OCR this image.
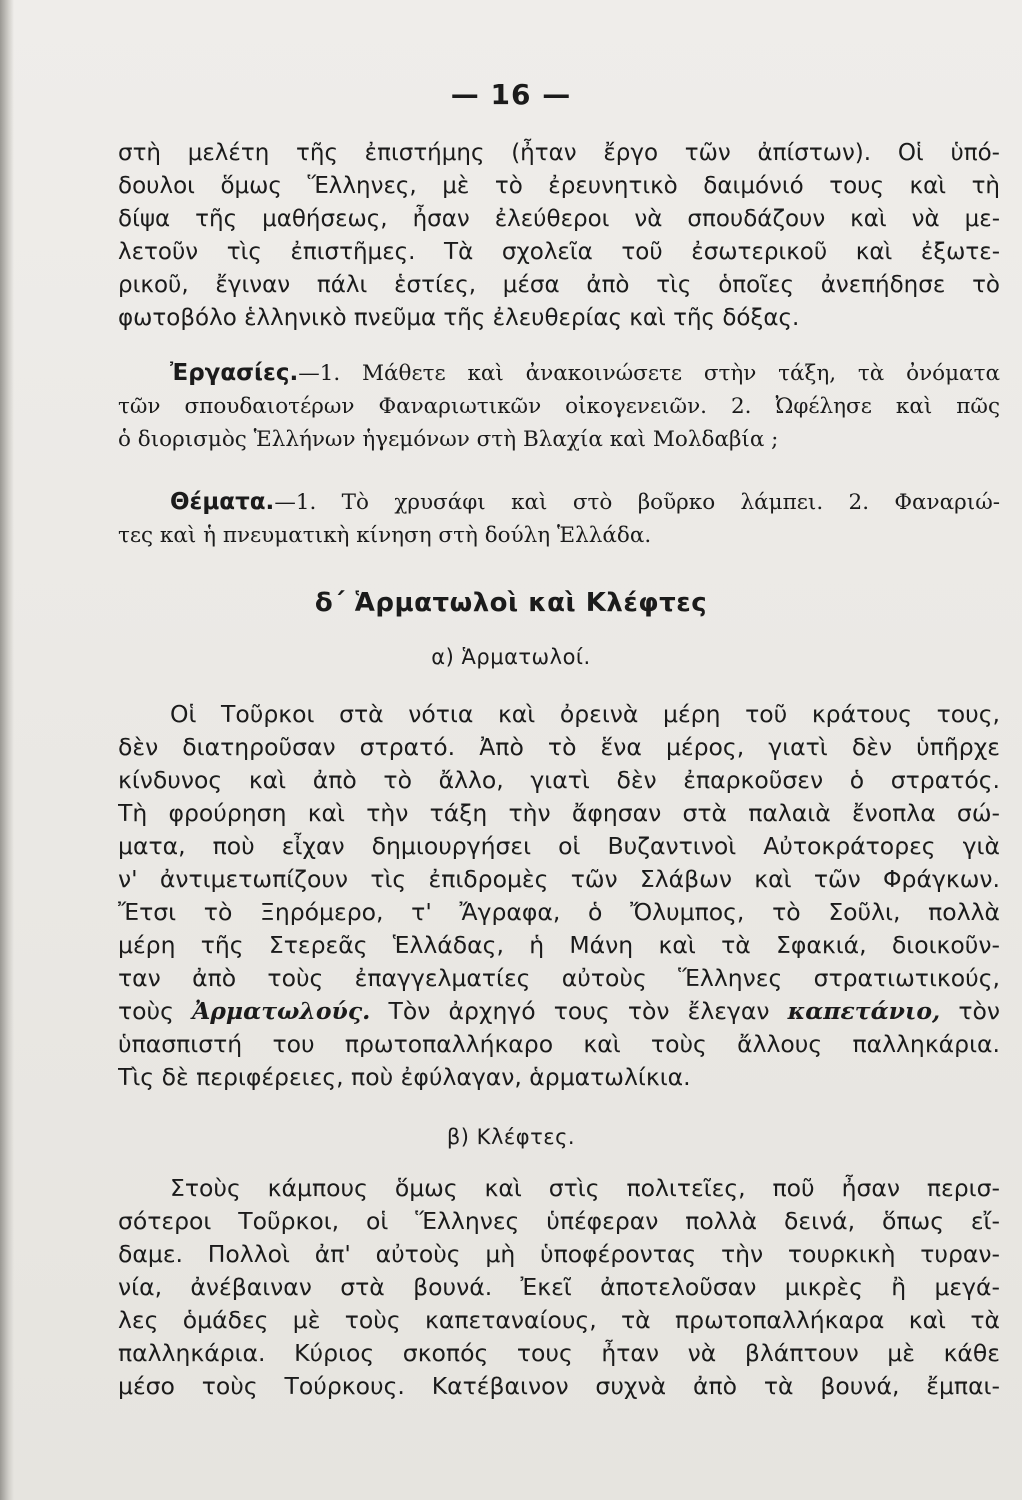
— 16 —
στὴ μελέτη τῆς ἐπιστήμης (ἦταν ἔργο τῶν ἀπίστων). Οἱ ὑπό-
δουλοι ὅμως Ἕλληνες, μὲ τὸ ἐρευνητικὸ δαιμόνιό τους καὶ τὴ
δίψα τῆς μαθήσεως, ἦσαν ἐλεύθεροι νὰ σπουδάζουν καὶ νὰ με-
λετοῦν τὶς ἐπιστῆμες. Τὰ σχολεῖα τοῦ ἐσωτερικοῦ καὶ ἐξωτε-
ρικοῦ, ἔγιναν πάλι ἑστίες, μέσα ἀπὸ τὶς ὁποῖες ἀνεπήδησε τὸ
φωτοβόλο ἑλληνικὸ πνεῦμα τῆς ἐλευθερίας καὶ τῆς δόξας.
Ἐργασίες.—1. Μάθετε καὶ ἀνακοινώσετε στὴν τάξη, τὰ ὀνόματα
τῶν σπουδαιοτέρων Φαναριωτικῶν οἰκογενειῶν. 2. Ὠφέλησε καὶ πῶς
ὁ διορισμὸς Ἑλλήνων ἡγεμόνων στὴ Βλαχία καὶ Μολδαβία ;
Θέματα.—1. Τὸ χρυσάφι καὶ στὸ βοῦρκο λάμπει. 2. Φαναριώ-
τες καὶ ἡ πνευματικὴ κίνηση στὴ δούλη Ἑλλάδα.
δ΄ Ἁρματωλοὶ καὶ Κλέφτες
α) Ἁρματωλοί.
Οἱ Τοῦρκοι στὰ νότια καὶ ὀρεινὰ μέρη τοῦ κράτους τους,
δὲν διατηροῦσαν στρατό. Ἀπὸ τὸ ἕνα μέρος, γιατὶ δὲν ὑπῆρχε
κίνδυνος καὶ ἀπὸ τὸ ἄλλο, γιατὶ δὲν ἐπαρκοῦσεν ὁ στρατός.
Τὴ φρούρηση καὶ τὴν τάξη τὴν ἄφησαν στὰ παλαιὰ ἔνοπλα σώ-
ματα, ποὺ εἶχαν δημιουργήσει οἱ Βυζαντινοὶ Αὐτοκράτορες γιὰ
ν' ἀντιμετωπίζουν τὶς ἐπιδρομὲς τῶν Σλάβων καὶ τῶν Φράγκων.
Ἔτσι τὸ Ξηρόμερο, τ' Ἄγραφα, ὁ Ὄλυμπος, τὸ Σοῦλι, πολλὰ
μέρη τῆς Στερεᾶς Ἑλλάδας, ἡ Μάνη καὶ τὰ Σφακιά, διοικοῦν-
ταν ἀπὸ τοὺς ἐπαγγελματίες αὐτοὺς Ἕλληνες στρατιωτικούς,
τοὺς Ἀρματωλούς. Τὸν ἀρχηγό τους τὸν ἔλεγαν καπετάνιο, τὸν
ὑπασπιστή του πρωτοπαλλήκαρο καὶ τοὺς ἄλλους παλληκάρια.
Τὶς δὲ περιφέρειες, ποὺ ἐφύλαγαν, ἁρματωλίκια.
β) Κλέφτες.
Στοὺς κάμπους ὅμως καὶ στὶς πολιτεῖες, ποῦ ἦσαν περισ-
σότεροι Τοῦρκοι, οἱ Ἕλληνες ὑπέφεραν πολλὰ δεινά, ὅπως εἴ-
δαμε. Πολλοὶ ἀπ' αὐτοὺς μὴ ὑποφέροντας τὴν τουρκικὴ τυραν-
νία, ἀνέβαιναν στὰ βουνά. Ἐκεῖ ἀποτελοῦσαν μικρὲς ἢ μεγά-
λες ὁμάδες μὲ τοὺς καπεταναίους, τὰ πρωτοπαλλήκαρα καὶ τὰ
παλληκάρια. Κύριος σκοπός τους ἦταν νὰ βλάπτουν μὲ κάθε
μέσο τοὺς Τούρκους. Κατέβαινον συχνὰ ἀπὸ τὰ βουνά, ἔμπαι-
